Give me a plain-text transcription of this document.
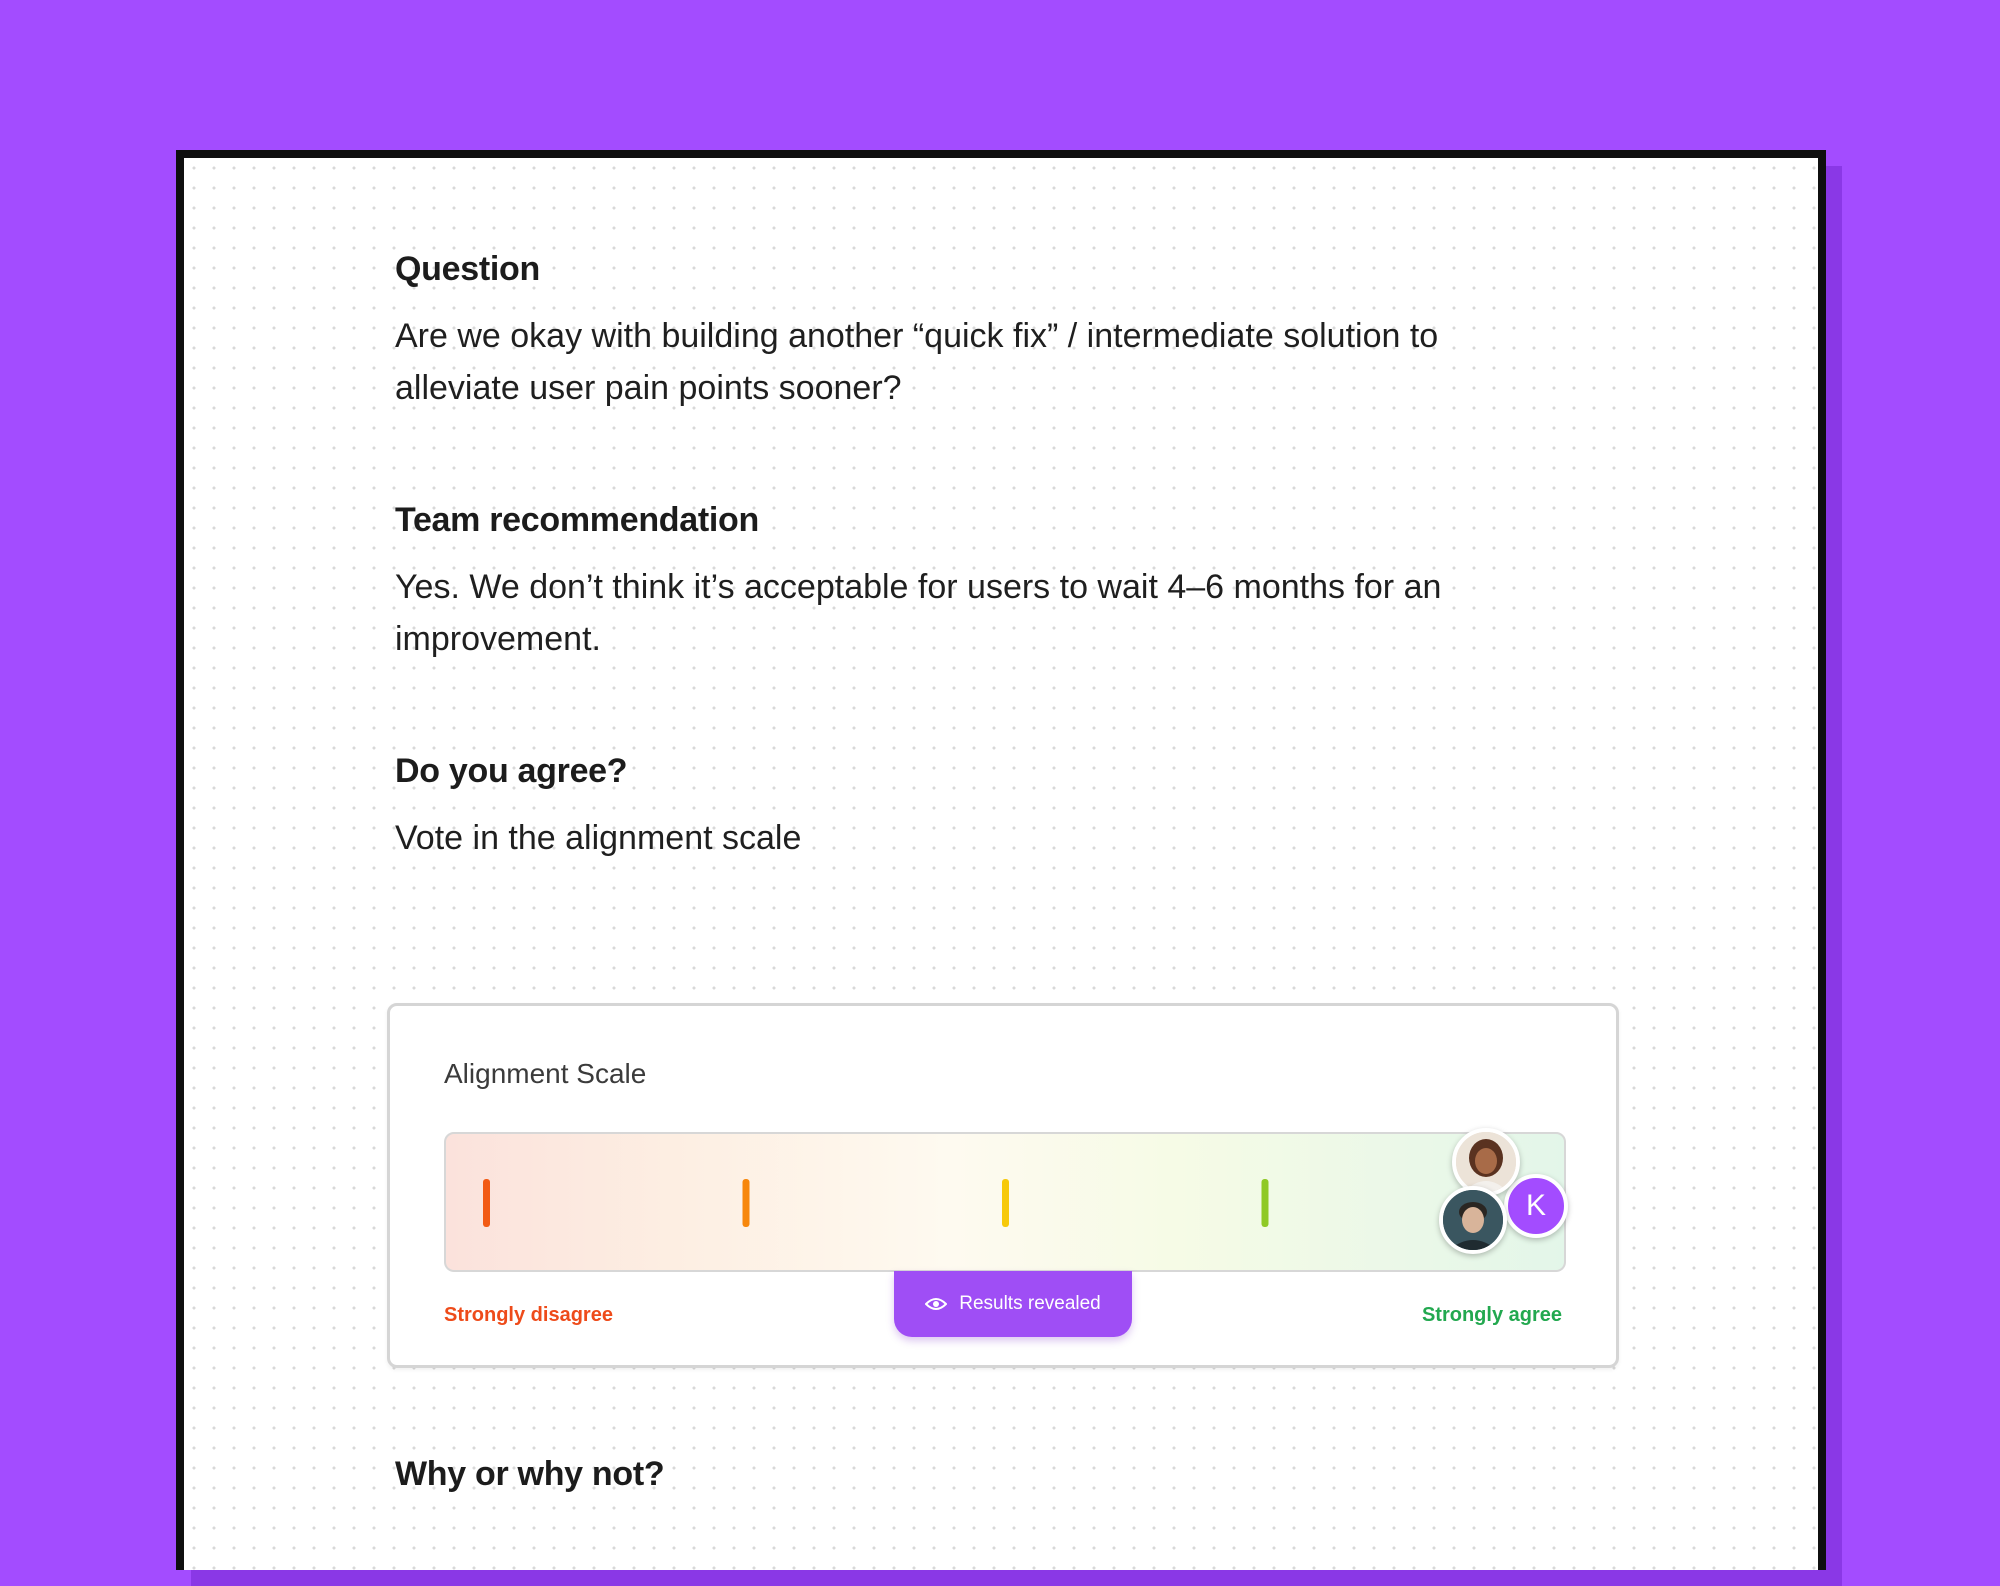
Question

Are we okay with building another “quick fix” / intermediate solution to alleviate user pain points sooner?

Team recommendation

Yes. We don’t think it’s acceptable for users to wait 4–6 months for an improvement.

Do you agree?

Vote in the alignment scale

Why or why not?
Alignment Scale
K
Strongly disagree	Strongly agree
Results revealed
